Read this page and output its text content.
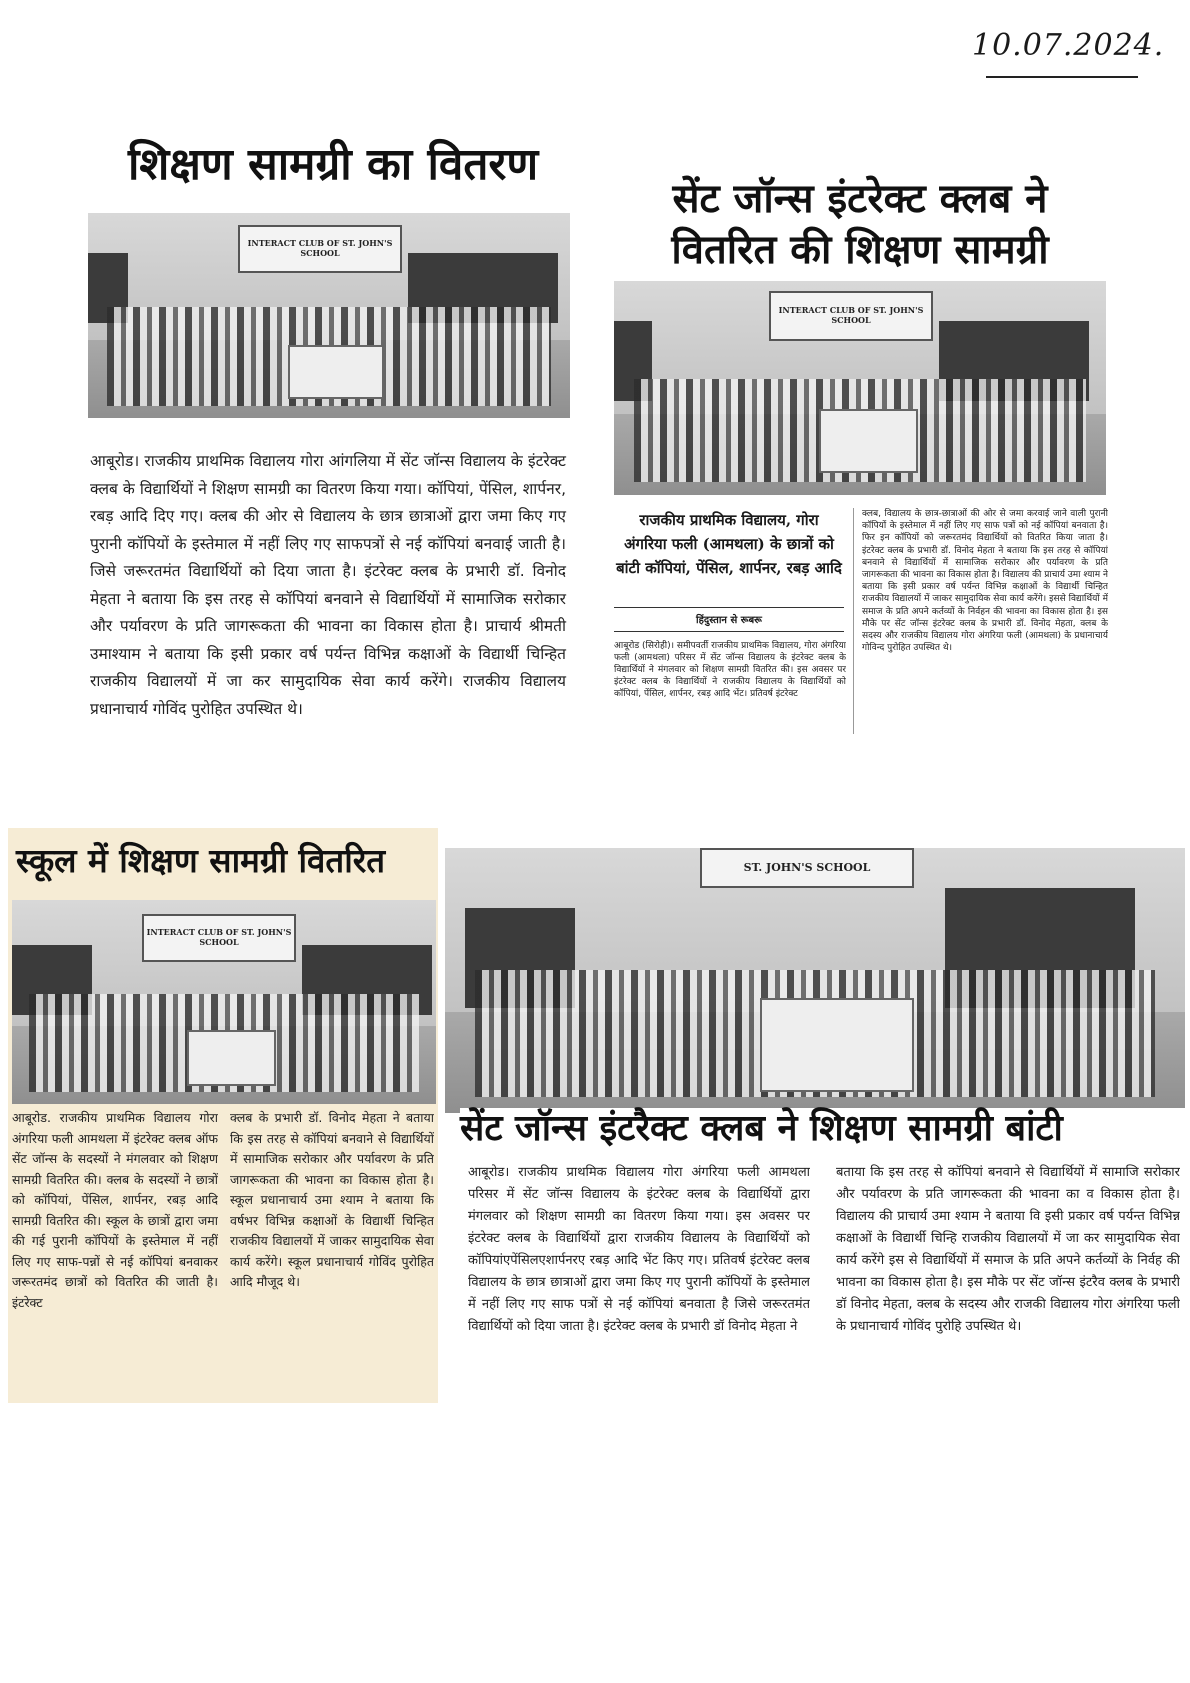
10.07.2024.
शिक्षण सामग्री का वितरण
INTERACT CLUB OF ST. JOHN'S SCHOOL

आबूरोड। राजकीय प्राथमिक विद्यालय गोरा आंगलिया में सेंट जॉन्स विद्यालय के इंटरेक्ट क्लब के विद्यार्थियों ने शिक्षण सामग्री का वितरण किया गया। कॉपियां, पेंसिल, शार्पनर, रबड़ आदि दिए गए। क्लब की ओर से विद्यालय के छात्र छात्राओं द्वारा जमा किए गए पुरानी कॉपियों के इस्तेमाल में नहीं लिए गए साफपत्रों से नई कॉपियां बनवाई जाती है। जिसे जरूरतमंत विद्यार्थियों को दिया जाता है। इंटरेक्ट क्लब के प्रभारी डॉ. विनोद मेहता ने बताया कि इस तरह से कॉपियां बनवाने से विद्यार्थियों में सामाजिक सरोकार और पर्यावरण के प्रति जागरूकता की भावना का विकास होता है। प्राचार्य श्रीमती उमाश्याम ने बताया कि इसी प्रकार वर्ष पर्यन्त विभिन्न कक्षाओं के विद्यार्थी चिन्हित राजकीय विद्यालयों में जा कर सामुदायिक सेवा कार्य करेंगे। राजकीय विद्यालय प्रधानाचार्य गोविंद पुरोहित उपस्थित थे।

सेंट जॉन्स इंटरेक्ट क्लब ने
वितरित की शिक्षण सामग्री
INTERACT CLUB OF ST. JOHN'S SCHOOL

राजकीय प्राथमिक विद्यालय, गोरा अंगरिया फली (आमथला) के छात्रों को बांटी कॉपियां, पेंसिल, शार्पनर, रबड़ आदि

हिंदुस्तान से रूबरू

आबूरोड (सिरोही)। समीपवर्ती राजकीय प्राथमिक विद्यालय, गोरा अंगरिया फली (आमथला) परिसर में सेंट जॉन्स विद्यालय के इंटरेक्ट क्लब के विद्यार्थियों ने मंगलवार को शिक्षण सामग्री वितरित की। इस अवसर पर इंटरेक्ट क्लब के विद्यार्थियों ने राजकीय विद्यालय के विद्यार्थियों को कॉपियां, पेंसिल, शार्पनर, रबड़ आदि भेंट। प्रतिवर्ष इंटरेक्ट

क्लब, विद्यालय के छात्र-छात्राओं की ओर से जमा करवाई जाने वाली पुरानी कॉपियों के इस्तेमाल में नहीं लिए गए साफ पत्रों को नई कॉपियां बनवाता है। फिर इन कॉपियों को जरूरतमंद विद्यार्थियों को वितरित किया जाता है। इंटरेक्ट क्लब के प्रभारी डॉ. विनोद मेहता ने बताया कि इस तरह से कॉपियां बनवाने से विद्यार्थियों में सामाजिक सरोकार और पर्यावरण के प्रति जागरूकता की भावना का विकास होता है। विद्यालय की प्राचार्य उमा श्याम ने बताया कि इसी प्रकार वर्ष पर्यन्त विभिन्न कक्षाओं के विद्यार्थी चिन्हित राजकीय विद्यालयों में जाकर सामुदायिक सेवा कार्य करेंगे। इससे विद्यार्थियों में समाज के प्रति अपने कर्तव्यों के निर्वहन की भावना का विकास होता है। इस मौके पर सेंट जॉन्स इंटरेक्ट क्लब के प्रभारी डॉ. विनोद मेहता, क्लब के सदस्य और राजकीय विद्यालय गोरा अंगरिया फली (आमथला) के प्रधानाचार्य गोविन्द पुरोहित उपस्थित थे।

स्कूल में शिक्षण सामग्री वितरित
INTERACT CLUB OF ST. JOHN'S SCHOOL

आबूरोड. राजकीय प्राथमिक विद्यालय गोरा अंगरिया फली आमथला में इंटरेक्ट क्लब ऑफ सेंट जॉन्स के सदस्यों ने मंगलवार को शिक्षण सामग्री वितरित की। क्लब के सदस्यों ने छात्रों को कॉपियां, पेंसिल, शार्पनर, रबड़ आदि सामग्री वितरित की। स्कूल के छात्रों द्वारा जमा की गई पुरानी कॉपियों के इस्तेमाल में नहीं लिए गए साफ-पन्नों से नई कॉपियां बनवाकर जरूरतमंद छात्रों को वितरित की जाती है। इंटरेक्ट

क्लब के प्रभारी डॉ. विनोद मेहता ने बताया कि इस तरह से कॉपियां बनवाने से विद्यार्थियों में सामाजिक सरोकार और पर्यावरण के प्रति जागरूकता की भावना का विकास होता है। स्कूल प्रधानाचार्य उमा श्याम ने बताया कि वर्षभर विभिन्न कक्षाओं के विद्यार्थी चिन्हित राजकीय विद्यालयों में जाकर सामुदायिक सेवा कार्य करेंगे। स्कूल प्रधानाचार्य गोविंद पुरोहित आदि मौजूद थे।

ST. JOHN'S SCHOOL
सेंट जॉन्स इंटरैक्ट क्लब ने शिक्षण सामग्री बांटी

आबूरोड। राजकीय प्राथमिक विद्यालय गोरा अंगरिया फली आमथला परिसर में सेंट जॉन्स विद्यालय के इंटरेक्ट क्लब के विद्यार्थियों द्वारा मंगलवार को शिक्षण सामग्री का वितरण किया गया। इस अवसर पर इंटरेक्ट क्लब के विद्यार्थियों द्वारा राजकीय विद्यालय के विद्यार्थियों को कॉपियांएपेंसिलएशार्पनरए रबड़ आदि भेंट किए गए। प्रतिवर्ष इंटरेक्ट क्लब विद्यालय के छात्र छात्राओं द्वारा जमा किए गए पुरानी कॉपियों के इस्तेमाल में नहीं लिए गए साफ पत्रों से नई कॉपियां बनवाता है जिसे जरूरतमंत विद्यार्थियों को दिया जाता है। इंटरेक्ट क्लब के प्रभारी डॉ विनोद मेहता ने

बताया कि इस तरह से कॉपियां बनवाने से विद्यार्थियों में सामाजि सरोकार और पर्यावरण के प्रति जागरूकता की भावना का व विकास होता है। विद्यालय की प्राचार्य उमा श्याम ने बताया वि इसी प्रकार वर्ष पर्यन्त विभिन्न कक्षाओं के विद्यार्थी चिन्हि राजकीय विद्यालयों में जा कर सामुदायिक सेवा कार्य करेंगे इस से विद्यार्थियों में समाज के प्रति अपने कर्तव्यों के निर्वह की भावना का विकास होता है। इस मौके पर सेंट जॉन्स इंटरैव क्लब के प्रभारी डॉ विनोद मेहता, क्लब के सदस्य और राजकी विद्यालय गोरा अंगरिया फली के प्रधानाचार्य गोविंद पुरोहि उपस्थित थे।
